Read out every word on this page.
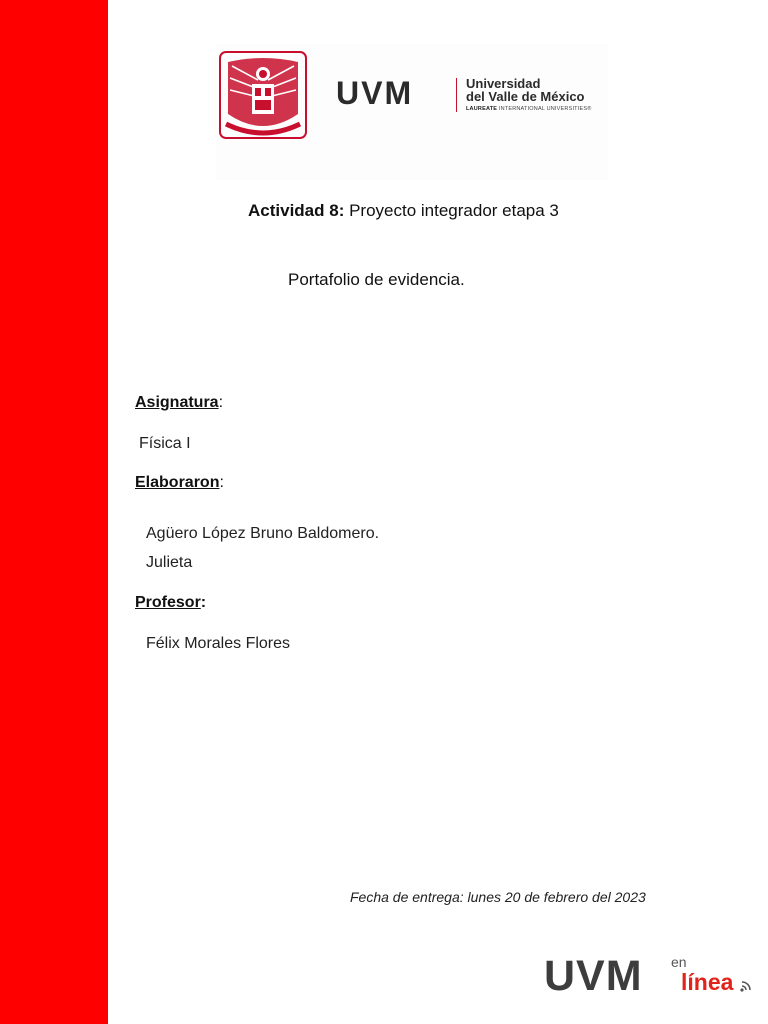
UVM	Universidad
del Valle de México
LAUREATE INTERNATIONAL UNIVERSITIES®
Actividad 8: Proyecto integrador etapa 3
Portafolio de evidencia.
Asignatura:
Física I
Elaboraron:
Agüero López Bruno Baldomero.
Julieta
Profesor:
Félix Morales Flores
Fecha de entrega: lunes 20 de febrero del 2023
UVM en
línea
